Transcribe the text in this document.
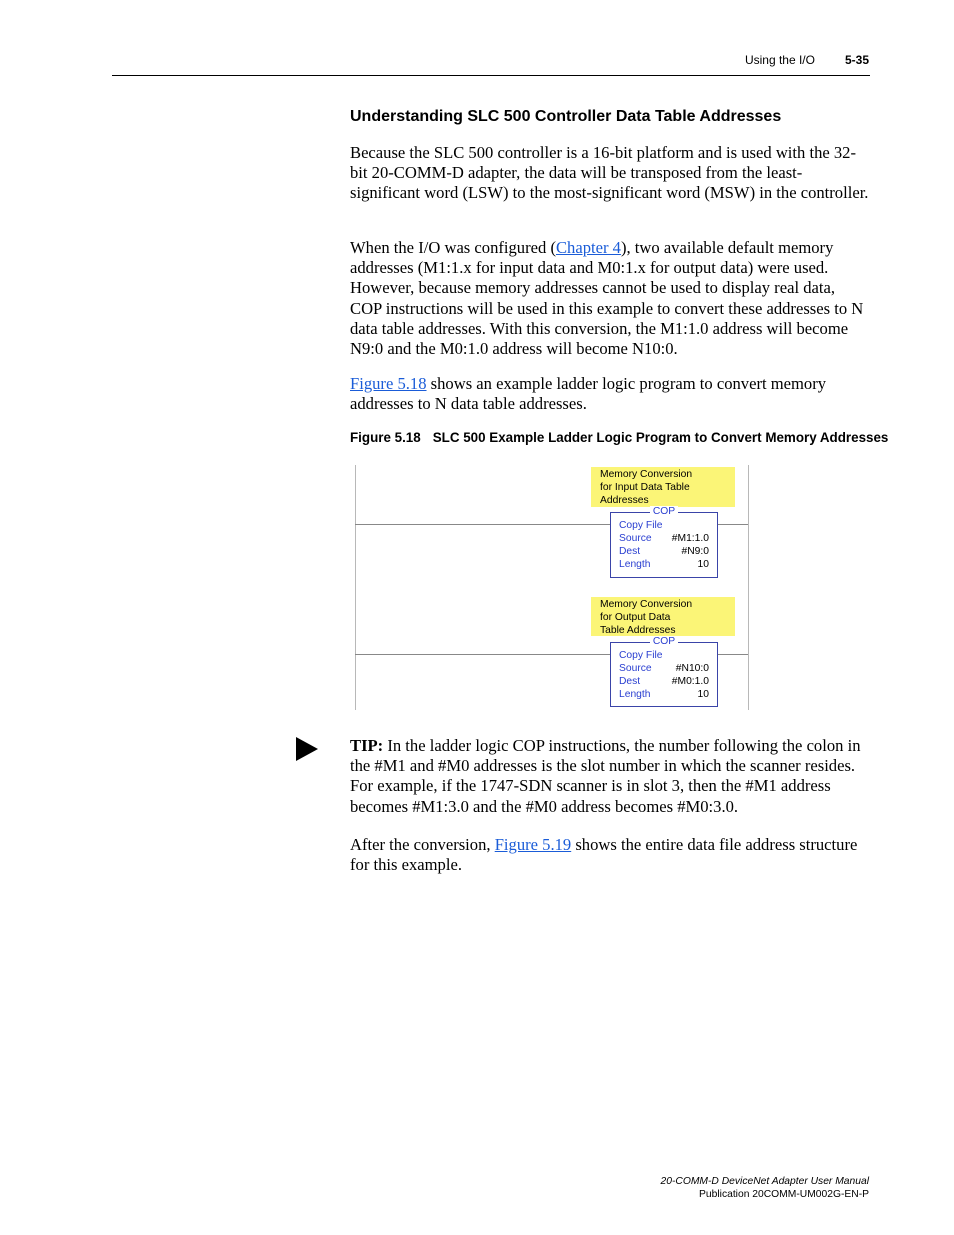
Using the I/O	5-35
Understanding SLC 500 Controller Data Table Addresses

Because the SLC 500 controller is a 16-bit platform and is used with the 32-bit 20-COMM-D adapter, the data will be transposed from the least-significant word (LSW) to the most-significant word (MSW) in the controller.

When the I/O was configured (Chapter 4), two available default memory addresses (M1:1.x for input data and M0:1.x for output data) were used. However, because memory addresses cannot be used to display real data, COP instructions will be used in this example to convert these addresses to N data table addresses. With this conversion, the M1:1.0 address will become N9:0 and the M0:1.0 address will become N10:0.

Figure 5.18 shows an example ladder logic program to convert memory addresses to N data table addresses.

Figure 5.18 SLC 500 Example Ladder Logic Program to Convert Memory Addresses
Memory Conversion
for Input Data Table
Addresses
COP
Copy File
Source #M1:1.0
Dest	#N9:0
Length	10
Memory Conversion
for Output Data
Table Addresses
COP
Copy File
Source #N10:0
Dest	#M0:1.0
Length	10

TIP: In the ladder logic COP instructions, the number following the colon in the #M1 and #M0 addresses is the slot number in which the scanner resides. For example, if the 1747-SDN scanner is in slot 3, then the #M1 address becomes #M1:3.0 and the #M0 address becomes #M0:3.0.

After the conversion, Figure 5.19 shows the entire data file address structure for this example.

20-COMM-D DeviceNet Adapter User Manual
Publication 20COMM-UM002G-EN-P
